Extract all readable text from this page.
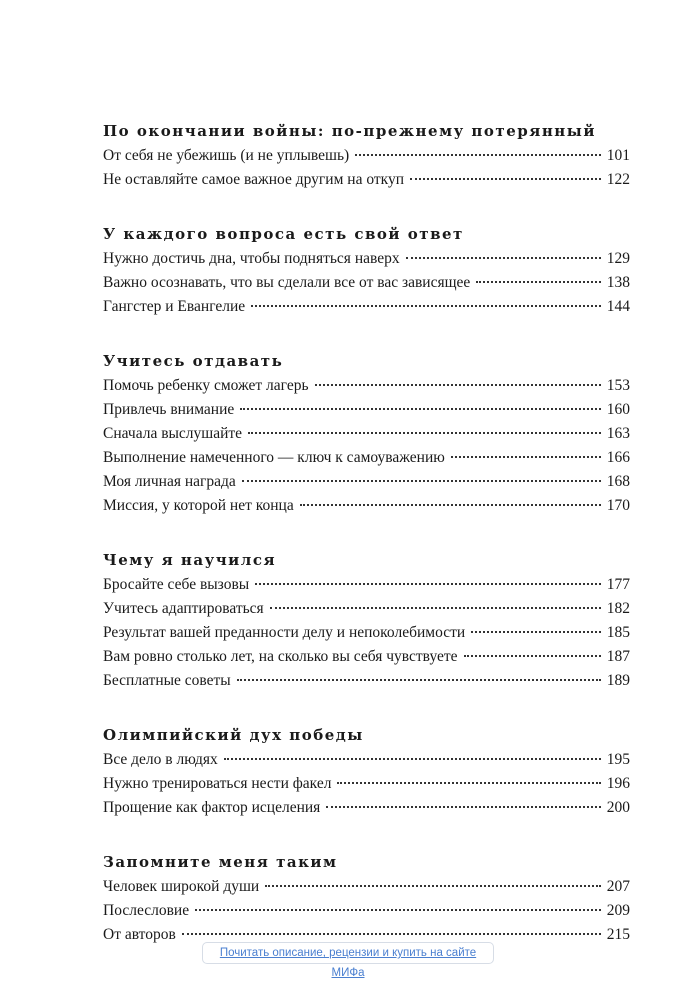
По окончании войны: по-прежнему потерянный
От себя не убежишь (и не уплывешь)	101
Не оставляйте самое важное другим на откуп	122
У каждого вопроса есть свой ответ
Нужно достичь дна, чтобы подняться наверх	129
Важно осознавать, что вы сделали все от вас зависящее	138
Гангстер и Евангелие	144
Учитесь отдавать
Помочь ребенку сможет лагерь	153
Привлечь внимание	160
Сначала выслушайте	163
Выполнение намеченного — ключ к самоуважению	166
Моя личная награда	168
Миссия, у которой нет конца	170
Чему я научился
Бросайте себе вызовы	177
Учитесь адаптироваться	182
Результат вашей преданности делу и непоколебимости	185
Вам ровно столько лет, на сколько вы себя чувствуете	187
Бесплатные советы	189
Олимпийский дух победы
Все дело в людях	195
Нужно тренироваться нести факел	196
Прощение как фактор исцеления	200
Запомните меня таким
Человек широкой души	207
Послесловие	209
От авторов	215
Почитать описание, рецензии и купить на сайте МИФа
